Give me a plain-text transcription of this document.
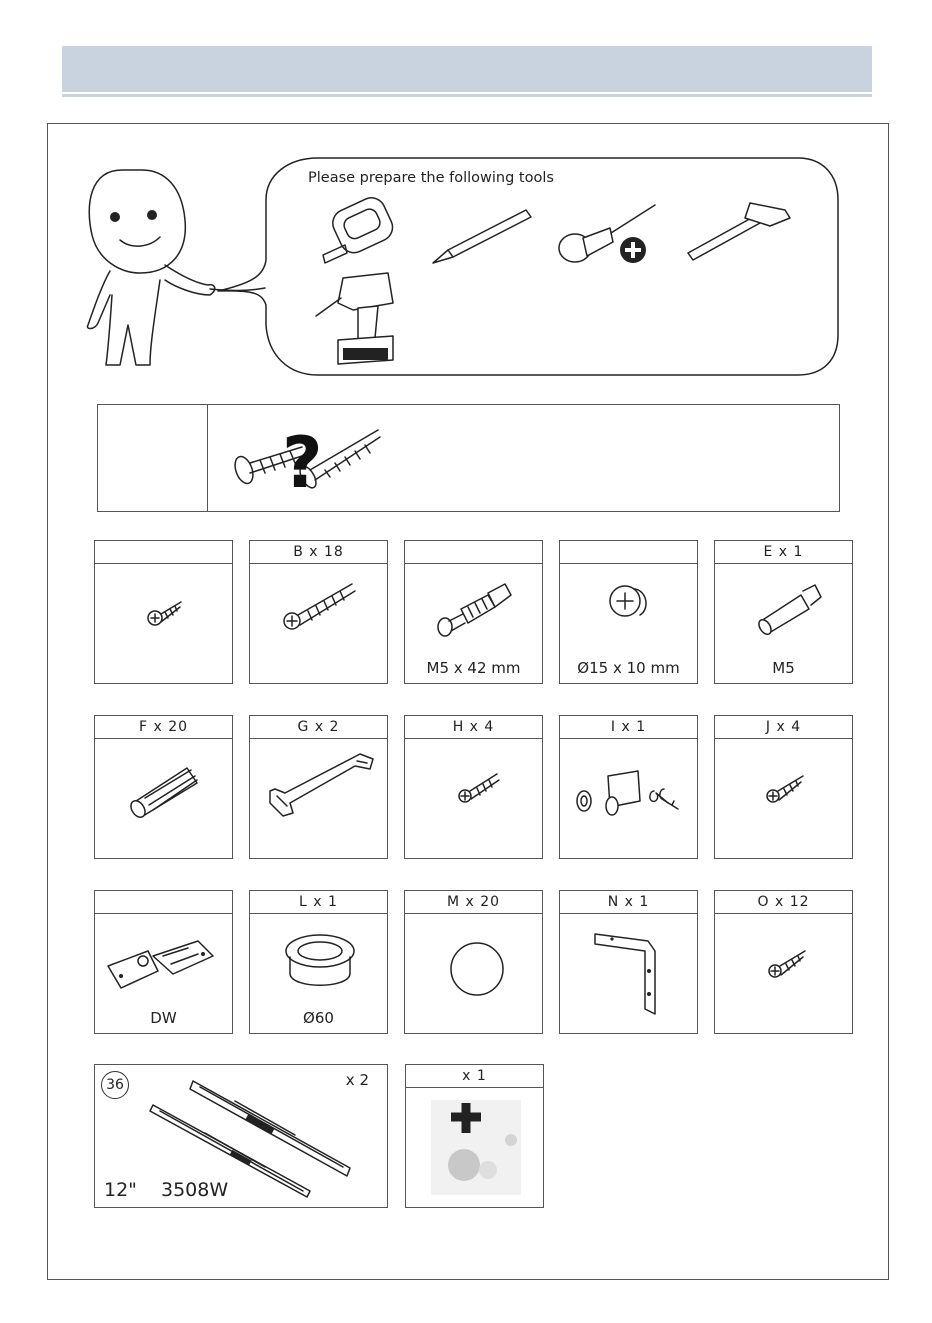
Please prepare the following tools
?
B x 18
M5 x 42 mm	Ø15 x 10 mm
E x 1
M5
F x 20	G x 2	H x 4	I x 1	J x 4
DW
L x 1
Ø60
M x 20	N x 1	O x 12
36	x 2
12" 3508W
x 1
